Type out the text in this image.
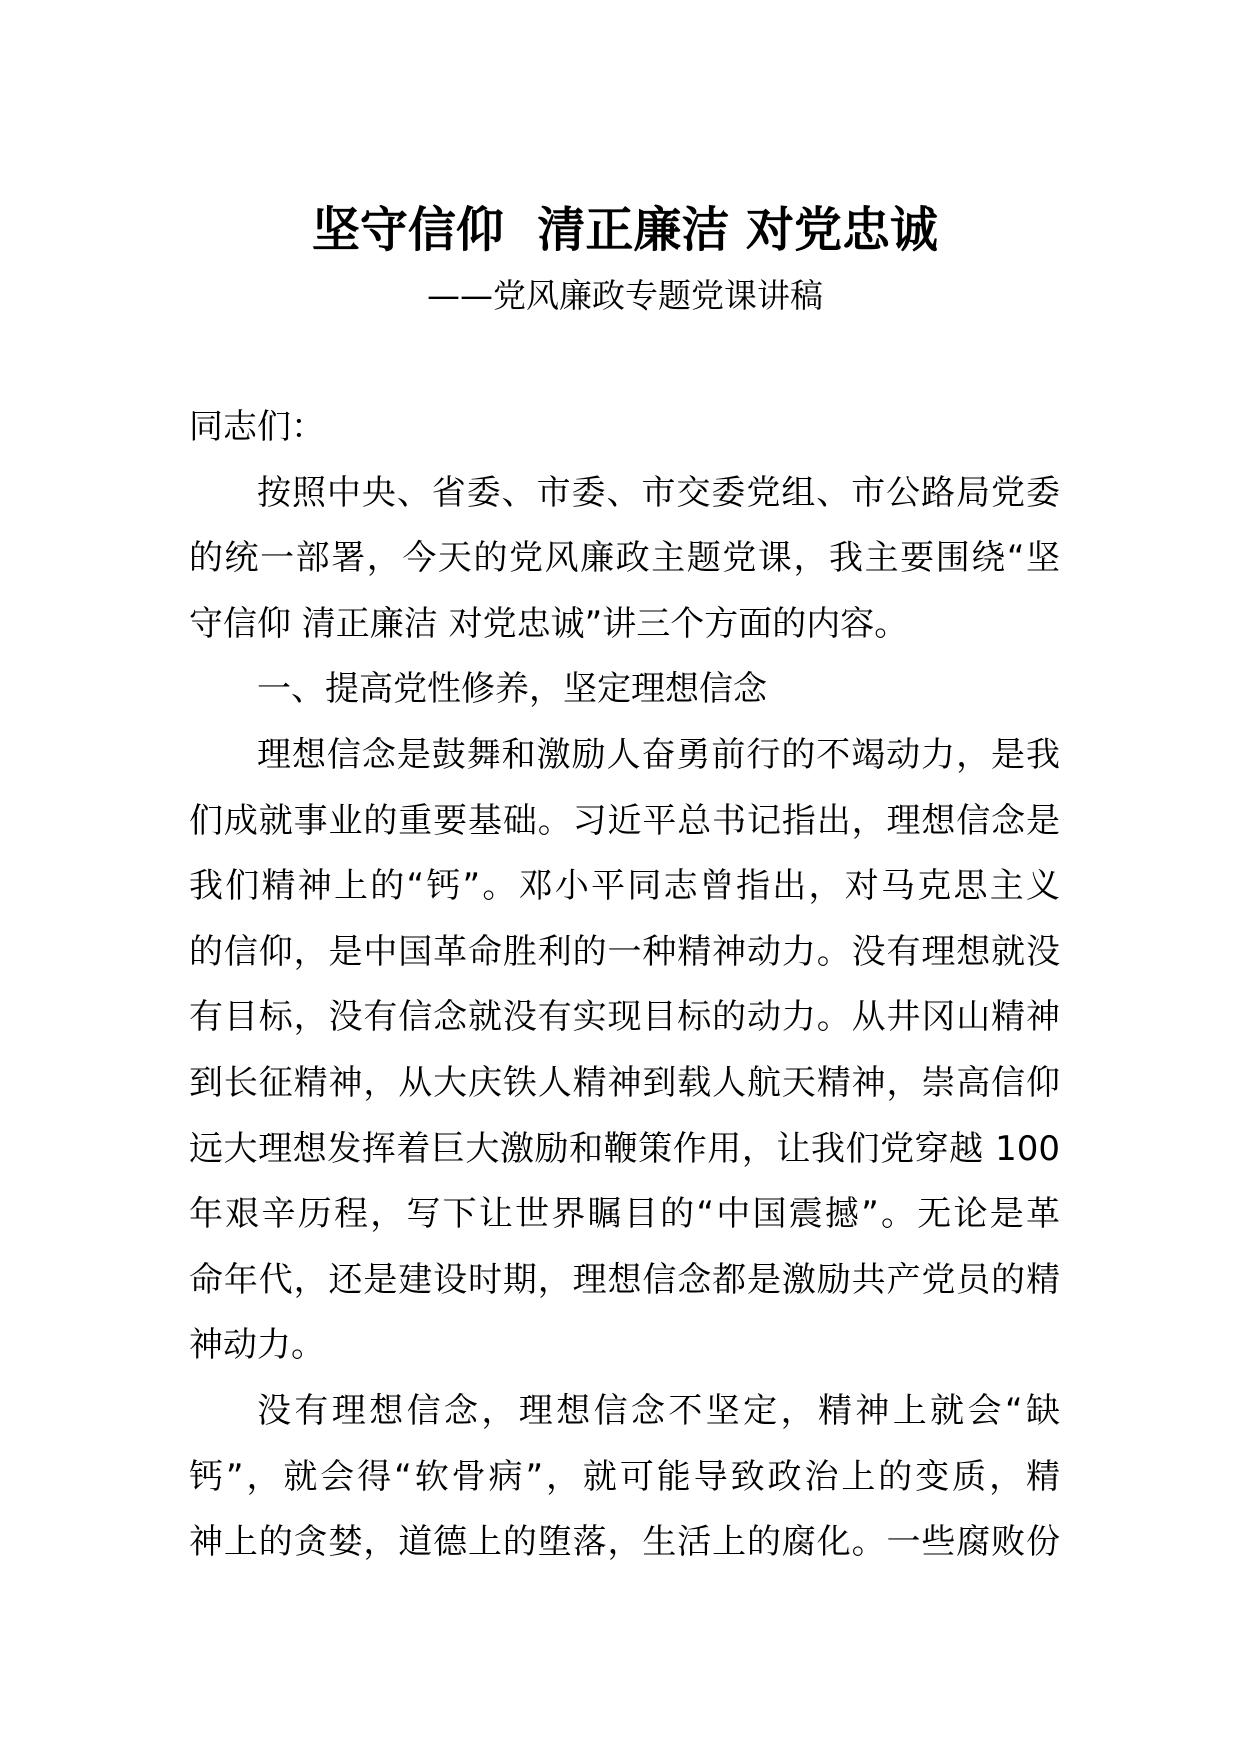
坚守信仰  清正廉洁 对党忠诚
——党风廉政专题党课讲稿
同志们：
按照中央、省委、市委、市交委党组、市公路局党委
的统一部署，今天的党风廉政主题党课，我主要围绕“坚
守信仰 清正廉洁 对党忠诚”讲三个方面的内容。
一、提高党性修养，坚定理想信念
理想信念是鼓舞和激励人奋勇前行的不竭动力，是我
们成就事业的重要基础。习近平总书记指出，理想信念是
我们精神上的“钙”。邓小平同志曾指出，对马克思主义
的信仰，是中国革命胜利的一种精神动力。没有理想就没
有目标，没有信念就没有实现目标的动力。从井冈山精神
到长征精神，从大庆铁人精神到载人航天精神，崇高信仰
远大理想发挥着巨大激励和鞭策作用，让我们党穿越 100
年艰辛历程，写下让世界瞩目的“中国震撼”。无论是革
命年代，还是建设时期，理想信念都是激励共产党员的精
神动力。
没有理想信念，理想信念不坚定，精神上就会“缺
钙”，就会得“软骨病”，就可能导致政治上的变质，精
神上的贪婪，道德上的堕落，生活上的腐化。一些腐败份
